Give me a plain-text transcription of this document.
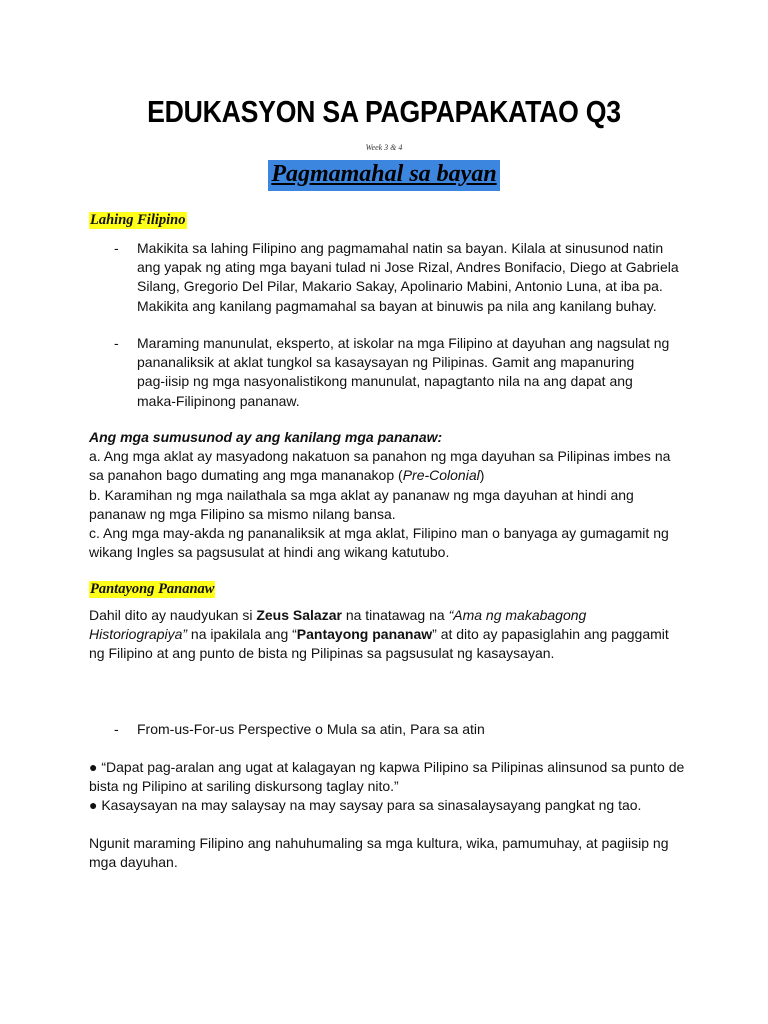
EDUKASYON SA PAGPAPAKATAO Q3
Week 3 & 4
Pagmamahal sa bayan
Lahing Filipino
- Makikita sa lahing Filipino ang pagmamahal natin sa bayan. Kilala at sinusunod natin
ang yapak ng ating mga bayani tulad ni Jose Rizal, Andres Bonifacio, Diego at Gabriela
Silang, Gregorio Del Pilar, Makario Sakay, Apolinario Mabini, Antonio Luna, at iba pa.
Makikita ang kanilang pagmamahal sa bayan at binuwis pa nila ang kanilang buhay.
- Maraming manunulat, eksperto, at iskolar na mga Filipino at dayuhan ang nagsulat ng
pananaliksik at aklat tungkol sa kasaysayan ng Pilipinas. Gamit ang mapanuring
pag-iisip ng mga nasyonalistikong manunulat, napagtanto nila na ang dapat ang
maka-Filipinong pananaw.
Ang mga sumusunod ay ang kanilang mga pananaw:
a. Ang mga aklat ay masyadong nakatuon sa panahon ng mga dayuhan sa Pilipinas imbes na
sa panahon bago dumating ang mga mananakop (Pre-Colonial)
b. Karamihan ng mga nailathala sa mga aklat ay pananaw ng mga dayuhan at hindi ang
pananaw ng mga Filipino sa mismo nilang bansa.
c. Ang mga may-akda ng pananaliksik at mga aklat, Filipino man o banyaga ay gumagamit ng
wikang Ingles sa pagsusulat at hindi ang wikang katutubo.
Pantayong Pananaw
Dahil dito ay naudyukan si Zeus Salazar na tinatawag na “Ama ng makabagong
Historiograpiya” na ipakilala ang “Pantayong pananaw” at dito ay papasiglahin ang paggamit
ng Filipino at ang punto de bista ng Pilipinas sa pagsusulat ng kasaysayan.
- From-us-For-us Perspective o Mula sa atin, Para sa atin
● “Dapat pag-aralan ang ugat at kalagayan ng kapwa Pilipino sa Pilipinas alinsunod sa punto de
bista ng Pilipino at sariling diskursong taglay nito.”
● Kasaysayan na may salaysay na may saysay para sa sinasalaysayang pangkat ng tao.
Ngunit maraming Filipino ang nahuhumaling sa mga kultura, wika, pamumuhay, at pagiisip ng
mga dayuhan.
